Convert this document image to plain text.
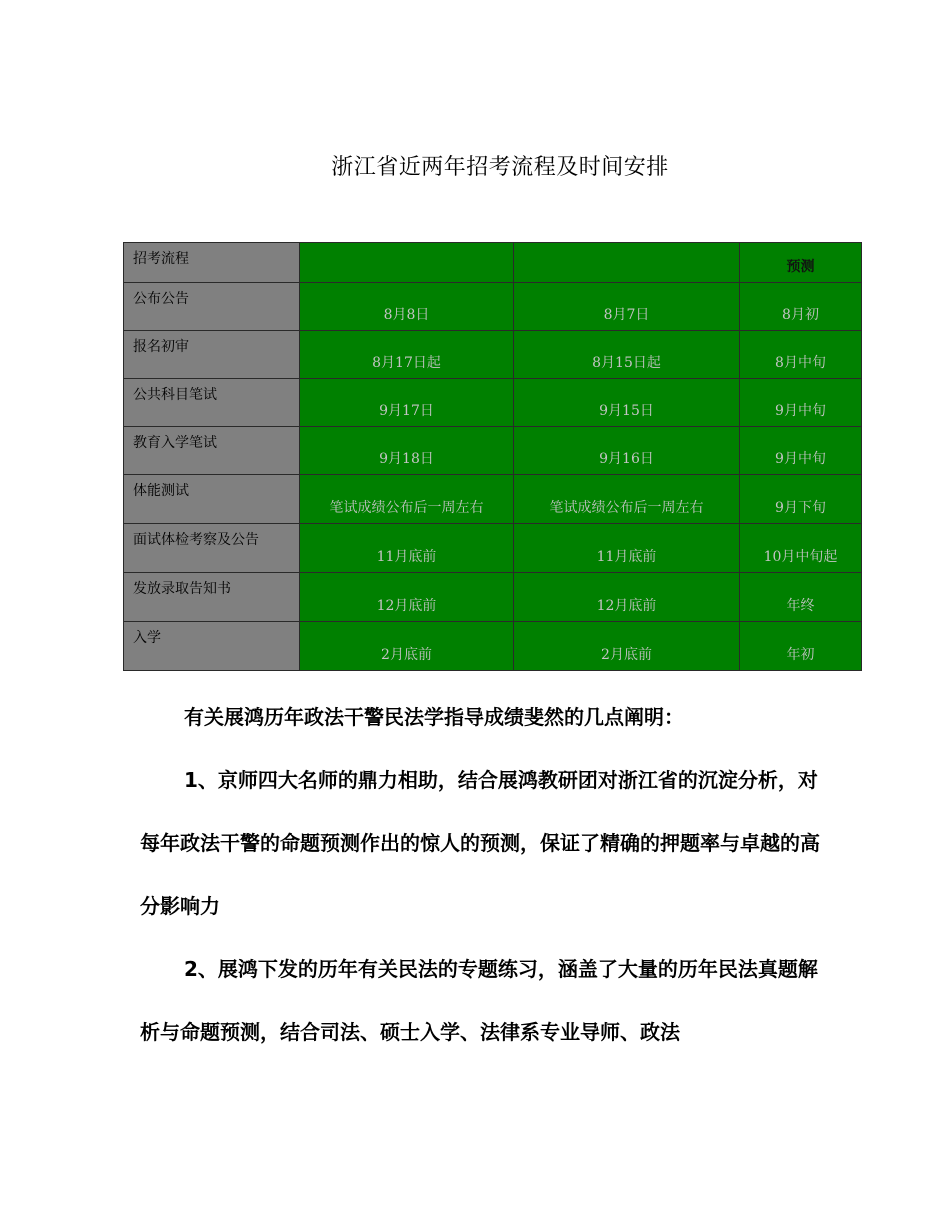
浙江省近两年招考流程及时间安排
招考流程			预测
公布公告	8月8日	8月7日	8月初
报名初审	8月17日起	8月15日起	8月中旬
公共科目笔试	9月17日	9月15日	9月中旬
教育入学笔试	9月18日	9月16日	9月中旬
体能测试	笔试成绩公布后一周左右	笔试成绩公布后一周左右	9月下旬
面试体检考察及公告	11月底前	11月底前	10月中旬起
发放录取告知书	12月底前	12月底前	年终
入学	2月底前	2月底前	年初

有关展鸿历年政法干警民法学指导成绩斐然的几点阐明：

1、京师四大名师的鼎力相助，结合展鸿教研团对浙江省的沉淀分析，对每年政法干警的命题预测作出的惊人的预测，保证了精确的押题率与卓越的高分影响力

2、展鸿下发的历年有关民法的专题练习，涵盖了大量的历年民法真题解析与命题预测，结合司法、硕士入学、法律系专业导师、政法
